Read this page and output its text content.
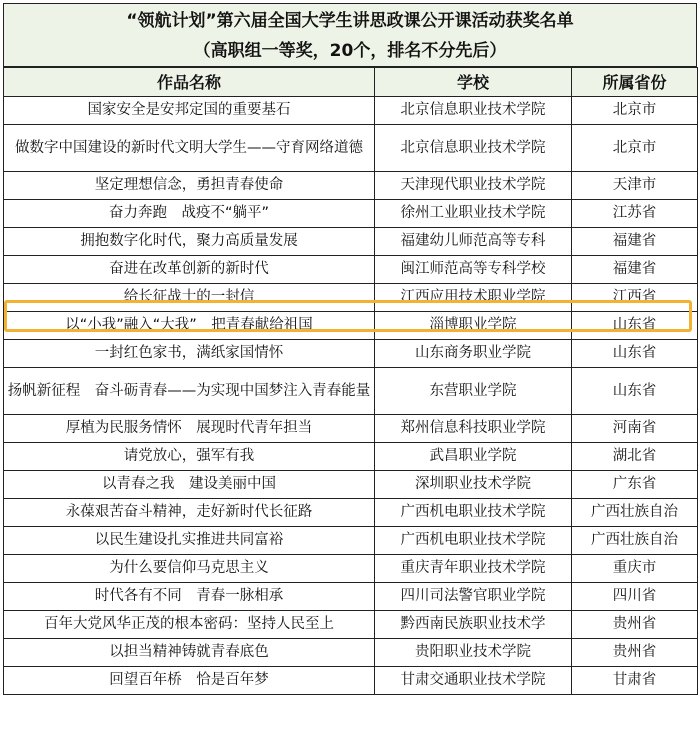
“领航计划”第六届全国大学生讲思政课公开课活动获奖名单
（高职组一等奖，20个，排名不分先后）
作品名称	学校	所属省份
国家安全是安邦定国的重要基石	北京信息职业技术学院	北京市
做数字中国建设的新时代文明大学生——守育网络道德	北京信息职业技术学院	北京市
坚定理想信念，勇担青春使命	天津现代职业技术学院	天津市
奋力奔跑　战疫不“躺平”	徐州工业职业技术学院	江苏省
拥抱数字化时代，聚力高质量发展	福建幼儿师范高等专科	福建省
奋进在改革创新的新时代	闽江师范高等专科学校	福建省
给长征战士的一封信	江西应用技术职业学院	江西省
以“小我”融入“大我”　把青春献给祖国	淄博职业学院	山东省
一封红色家书，满纸家国情怀	山东商务职业学院	山东省
扬帆新征程　奋斗砺青春——为实现中国梦注入青春能量	东营职业学院	山东省
厚植为民服务情怀　展现时代青年担当	郑州信息科技职业学院	河南省
请党放心，强军有我	武昌职业学院	湖北省
以青春之我　建设美丽中国	深圳职业技术学院	广东省
永葆艰苦奋斗精神，走好新时代长征路	广西机电职业技术学院	广西壮族自治
以民生建设扎实推进共同富裕	广西机电职业技术学院	广西壮族自治
为什么要信仰马克思主义	重庆青年职业技术学院	重庆市
时代各有不同　青春一脉相承	四川司法警官职业学院	四川省
百年大党风华正茂的根本密码：坚持人民至上	黔西南民族职业技术学	贵州省
以担当精神铸就青春底色	贵阳职业技术学院	贵州省
回望百年桥　恰是百年梦	甘肃交通职业技术学院	甘肃省
